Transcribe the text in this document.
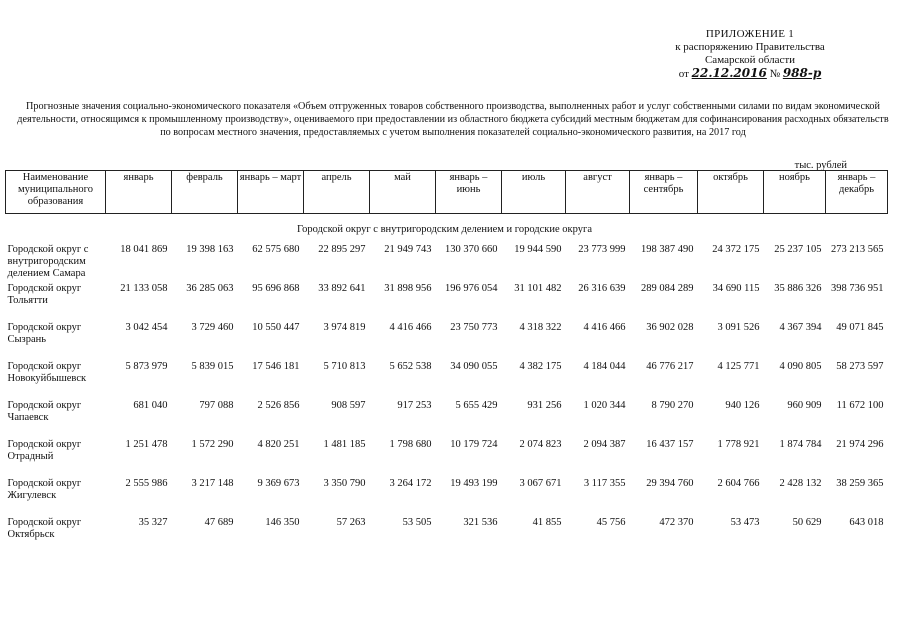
ПРИЛОЖЕНИЕ 1
к распоряжению Правительства
Самарской области
от 22.12.2016 № 988-р
Прогнозные значения социально-экономического показателя «Объем отгруженных товаров собственного производства, выполненных работ и услуг собственными силами по видам экономической деятельности, относящимся к промышленному производству», оцениваемого при предоставлении из областного бюджета субсидий местным бюджетам для софинансирования расходных обязательств по вопросам местного значения, предоставляемых с учетом выполнения показателей социально-экономического развития, на 2017 год
тыс. рублей
Наименование муниципального образования	январь	февраль	январь – март	апрель	май	январь – июнь	июль	август	январь – сентябрь	октябрь	ноябрь	январь – декабрь
Городской округ с внутригородским делением и городские округа												
Городской округ с внутригородским делением Самара	18 041 869	19 398 163	62 575 680	22 895 297	21 949 743	130 370 660	19 944 590	23 773 999	198 387 490	24 372 175	25 237 105	273 213 565
Городской округ Тольятти	21 133 058	36 285 063	95 696 868	33 892 641	31 898 956	196 976 054	31 101 482	26 316 639	289 084 289	34 690 115	35 886 326	398 736 951
Городской округ Сызрань	3 042 454	3 729 460	10 550 447	3 974 819	4 416 466	23 750 773	4 318 322	4 416 466	36 902 028	3 091 526	4 367 394	49 071 845
Городской округ Новокуйбышевск	5 873 979	5 839 015	17 546 181	5 710 813	5 652 538	34 090 055	4 382 175	4 184 044	46 776 217	4 125 771	4 090 805	58 273 597
Городской округ Чапаевск	681 040	797 088	2 526 856	908 597	917 253	5 655 429	931 256	1 020 344	8 790 270	940 126	960 909	11 672 100
Городской округ Отрадный	1 251 478	1 572 290	4 820 251	1 481 185	1 798 680	10 179 724	2 074 823	2 094 387	16 437 157	1 778 921	1 874 784	21 974 296
Городской округ Жигулевск	2 555 986	3 217 148	9 369 673	3 350 790	3 264 172	19 493 199	3 067 671	3 117 355	29 394 760	2 604 766	2 428 132	38 259 365
Городской округ Октябрьск	35 327	47 689	146 350	57 263	53 505	321 536	41 855	45 756	472 370	53 473	50 629	643 018
